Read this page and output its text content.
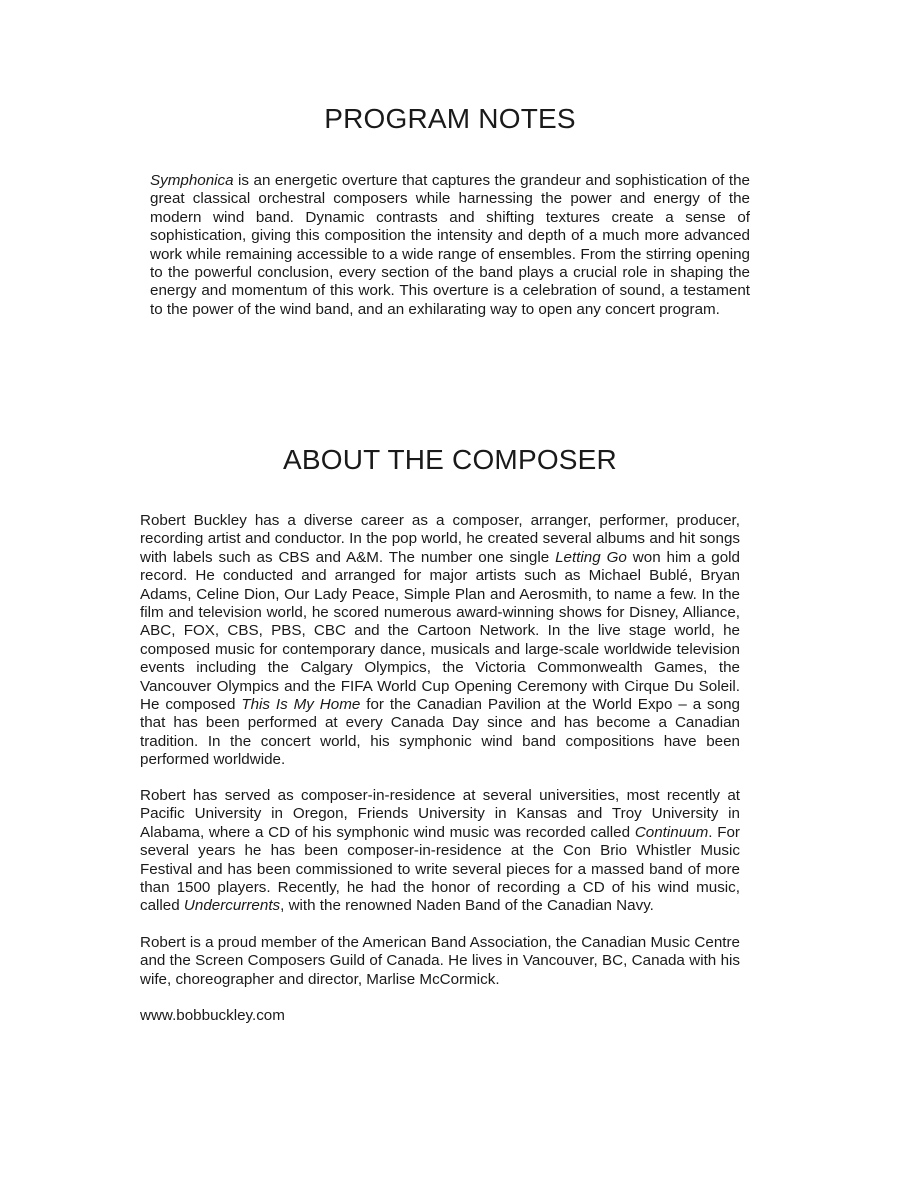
PROGRAM NOTES

Symphonica is an energetic overture that captures the grandeur and sophistication of the great classical orchestral composers while harnessing the power and energy of the modern wind band. Dynamic contrasts and shifting textures create a sense of sophistication, giving this composition the intensity and depth of a much more advanced work while remaining accessible to a wide range of ensembles. From the stirring opening to the powerful conclusion, every section of the band plays a crucial role in shaping the energy and momentum of this work. This overture is a celebration of sound, a testament to the power of the wind band, and an exhilarating way to open any concert program.

ABOUT THE COMPOSER

Robert Buckley has a diverse career as a composer, arranger, performer, producer, recording artist and conductor. In the pop world, he created several albums and hit songs with labels such as CBS and A&M. The number one single Letting Go won him a gold record. He conducted and arranged for major artists such as Michael Bublé, Bryan Adams, Celine Dion, Our Lady Peace, Simple Plan and Aerosmith, to name a few. In the film and television world, he scored numerous award-winning shows for Disney, Alliance, ABC, FOX, CBS, PBS, CBC and the Cartoon Network. In the live stage world, he composed music for contemporary dance, musicals and large-scale worldwide television events including the Calgary Olympics, the Victoria Commonwealth Games, the Vancouver Olympics and the FIFA World Cup Opening Ceremony with Cirque Du Soleil. He composed This Is My Home for the Canadian Pavilion at the World Expo – a song that has been performed at every Canada Day since and has become a Canadian tradition. In the concert world, his symphonic wind band compositions have been performed worldwide.

Robert has served as composer-in-residence at several universities, most recently at Pacific University in Oregon, Friends University in Kansas and Troy University in Alabama, where a CD of his symphonic wind music was recorded called Continuum. For several years he has been composer-in-residence at the Con Brio Whistler Music Festival and has been commissioned to write several pieces for a massed band of more than 1500 players. Recently, he had the honor of recording a CD of his wind music, called Undercurrents, with the renowned Naden Band of the Canadian Navy.

Robert is a proud member of the American Band Association, the Canadian Music Centre and the Screen Composers Guild of Canada. He lives in Vancouver, BC, Canada with his wife, choreographer and director, Marlise McCormick.

www.bobbuckley.com
